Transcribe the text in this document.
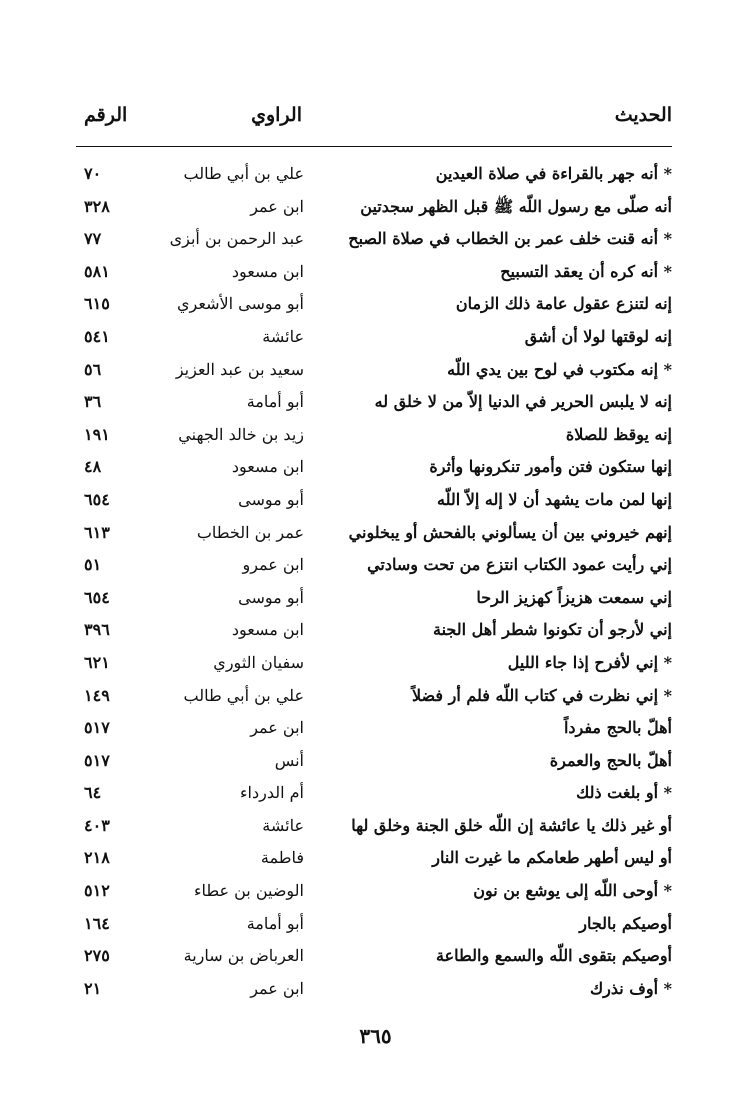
الحديث
الراوي
الرقم
* أنه جهر بالقراءة في صلاة العيدين
علي بن أبي طالب
٧٠
أنه صلّى مع رسول اللّه ﷺ قبل الظهر سجدتين
ابن عمر
٣٢٨
* أنه قنت خلف عمر بن الخطاب في صلاة الصبح
عبد الرحمن بن أبزى
٧٧
* أنه كره أن يعقد التسبيح
ابن مسعود
٥٨١
إنه لتنزع عقول عامة ذلك الزمان
أبو موسى الأشعري
٦١٥
إنه لوقتها لولا أن أشق
عائشة
٥٤١
* إنه مكتوب في لوح بين يدي اللّه
سعيد بن عبد العزيز
٥٦
إنه لا يلبس الحرير في الدنيا إلاّ من لا خلق له
أبو أمامة
٣٦
إنه يوقظ للصلاة
زيد بن خالد الجهني
١٩١
إنها ستكون فتن وأمور تنكرونها وأثرة
ابن مسعود
٤٨
إنها لمن مات يشهد أن لا إله إلاّ اللّه
أبو موسى
٦٥٤
إنهم خيروني بين أن يسألوني بالفحش أو يبخلوني
عمر بن الخطاب
٦١٣
إني رأيت عمود الكتاب انتزع من تحت وسادتي
ابن عمرو
٥١
إني سمعت هزيزاً كهزيز الرحا
أبو موسى
٦٥٤
إني لأرجو أن تكونوا شطر أهل الجنة
ابن مسعود
٣٩٦
* إني لأفرح إذا جاء الليل
سفيان الثوري
٦٢١
* إني نظرت في كتاب اللّه فلم أر فضلاً
علي بن أبي طالب
١٤٩
أهلّ بالحج مفرداً
ابن عمر
٥١٧
أهلّ بالحج والعمرة
أنس
٥١٧
* أو بلغت ذلك
أم الدرداء
٦٤
أو غير ذلك يا عائشة إن اللّه خلق الجنة وخلق لها
عائشة
٤٠٣
أو ليس أطهر طعامكم ما غيرت النار
فاطمة
٢١٨
* أوحى اللّه إلى يوشع بن نون
الوضين بن عطاء
٥١٢
أوصيكم بالجار
أبو أمامة
١٦٤
أوصيكم بتقوى اللّه والسمع والطاعة
العرباض بن سارية
٢٧٥
* أوف نذرك
ابن عمر
٢١
٣٦٥
